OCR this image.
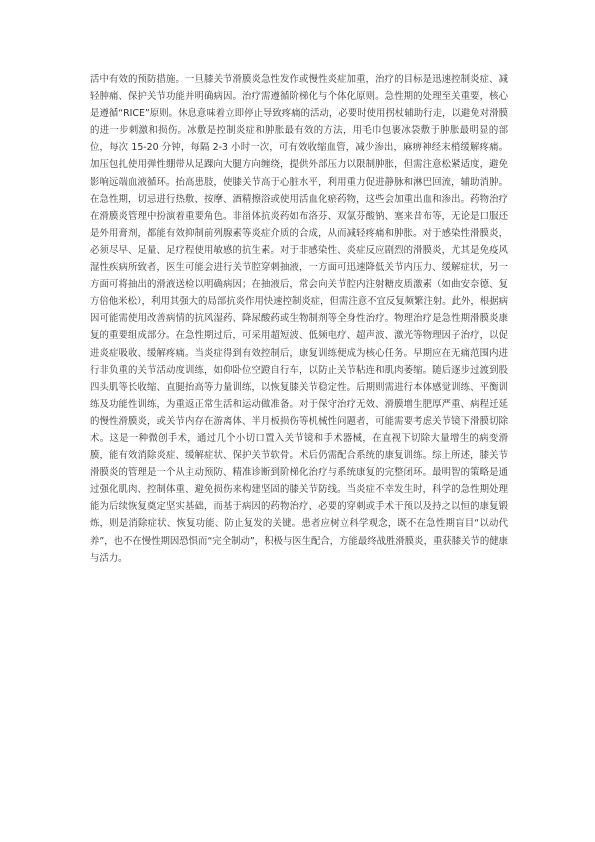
活中有效的预防措施。一旦膝关节滑膜炎急性发作或慢性炎症加重，治疗的目标是迅速控制炎症、减轻肿痛、保护关节功能并明确病因。治疗需遵循阶梯化与个体化原则。急性期的处理至关重要，核心是遵循“RICE”原则。休息意味着立即停止导致疼痛的活动，必要时使用拐杖辅助行走，以避免对滑膜的进一步刺激和损伤。冰敷是控制炎症和肿胀最有效的方法，用毛巾包裹冰袋敷于肿胀最明显的部位，每次 15-20 分钟，每隔 2-3 小时一次，可有效收缩血管，减少渗出，麻痹神经末梢缓解疼痛。加压包扎使用弹性绷带从足踝向大腿方向缠绕，提供外部压力以限制肿胀，但需注意松紧适度，避免影响远端血液循环。抬高患肢，使膝关节高于心脏水平，利用重力促进静脉和淋巴回流，辅助消肿。在急性期，切忌进行热敷、按摩、酒精擦浴或使用活血化瘀药物，这些会加重出血和渗出。药物治疗在滑膜炎管理中扮演着重要角色。非甾体抗炎药如布洛芬、双氯芬酸钠、塞来昔布等，无论是口服还是外用膏剂，都能有效抑制前列腺素等炎症介质的合成，从而减轻疼痛和肿胀。对于感染性滑膜炎，必须尽早、足量、足疗程使用敏感的抗生素。对于非感染性、炎症反应剧烈的滑膜炎，尤其是免疫风湿性疾病所致者，医生可能会进行关节腔穿刺抽液，一方面可迅速降低关节内压力、缓解症状，另一方面可将抽出的滑液送检以明确病因；在抽液后，常会向关节腔内注射糖皮质激素（如曲安奈德、复方倍他米松），利用其强大的局部抗炎作用快速控制炎症，但需注意不宜反复频繁注射。此外，根据病因可能需使用改善病情的抗风湿药、降尿酸药或生物制剂等全身性治疗。物理治疗是急性期滑膜炎康复的重要组成部分。在急性期过后，可采用超短波、低频电疗、超声波、激光等物理因子治疗，以促进炎症吸收、缓解疼痛。当炎症得到有效控制后，康复训练便成为核心任务。早期应在无痛范围内进行非负重的关节活动度训练，如仰卧位空蹬自行车，以防止关节粘连和肌肉萎缩。随后逐步过渡到股四头肌等长收缩、直腿抬高等力量训练，以恢复膝关节稳定性。后期则需进行本体感觉训练、平衡训练及功能性训练，为重返正常生活和运动做准备。对于保守治疗无效、滑膜增生肥厚严重、病程迁延的慢性滑膜炎，或关节内存在游离体、半月板损伤等机械性问题者，可能需要考虑关节镜下滑膜切除术。这是一种微创手术，通过几个小切口置入关节镜和手术器械，在直视下切除大量增生的病变滑膜，能有效消除炎症、缓解症状、保护关节软骨。术后仍需配合系统的康复训练。综上所述，膝关节滑膜炎的管理是一个从主动预防、精准诊断到阶梯化治疗与系统康复的完整闭环。最明智的策略是通过强化肌肉、控制体重、避免损伤来构建坚固的膝关节防线。当炎症不幸发生时，科学的急性期处理能为后续恢复奠定坚实基础，而基于病因的药物治疗、必要的穿刺或手术干预以及持之以恒的康复锻炼，则是消除症状、恢复功能、防止复发的关键。患者应树立科学观念，既不在急性期盲目“以动代养”，也不在慢性期因恐惧而“完全制动”，积极与医生配合，方能最终战胜滑膜炎，重获膝关节的健康与活力。
